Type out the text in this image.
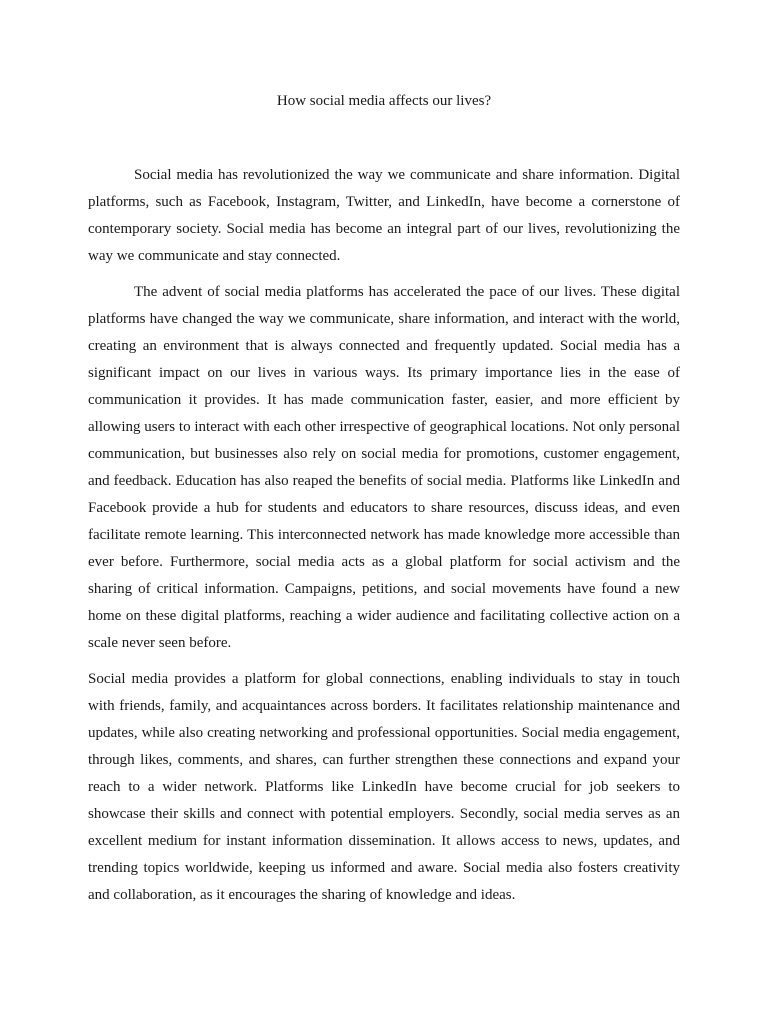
How social media affects our lives?

Social media has revolutionized the way we communicate and share information. Digital platforms, such as Facebook, Instagram, Twitter, and LinkedIn, have become a cornerstone of contemporary society. Social media has become an integral part of our lives, revolutionizing the way we communicate and stay connected.

The advent of social media platforms has accelerated the pace of our lives. These digital platforms have changed the way we communicate, share information, and interact with the world, creating an environment that is always connected and frequently updated. Social media has a significant impact on our lives in various ways. Its primary importance lies in the ease of communication it provides. It has made communication faster, easier, and more efficient by allowing users to interact with each other irrespective of geographical locations. Not only personal communication, but businesses also rely on social media for promotions, customer engagement, and feedback. Education has also reaped the benefits of social media. Platforms like LinkedIn and Facebook provide a hub for students and educators to share resources, discuss ideas, and even facilitate remote learning. This interconnected network has made knowledge more accessible than ever before. Furthermore, social media acts as a global platform for social activism and the sharing of critical information. Campaigns, petitions, and social movements have found a new home on these digital platforms, reaching a wider audience and facilitating collective action on a scale never seen before.

Social media provides a platform for global connections, enabling individuals to stay in touch with friends, family, and acquaintances across borders. It facilitates relationship maintenance and updates, while also creating networking and professional opportunities. Social media engagement, through likes, comments, and shares, can further strengthen these connections and expand your reach to a wider network. Platforms like LinkedIn have become crucial for job seekers to showcase their skills and connect with potential employers. Secondly, social media serves as an excellent medium for instant information dissemination. It allows access to news, updates, and trending topics worldwide, keeping us informed and aware. Social media also fosters creativity and collaboration, as it encourages the sharing of knowledge and ideas.
